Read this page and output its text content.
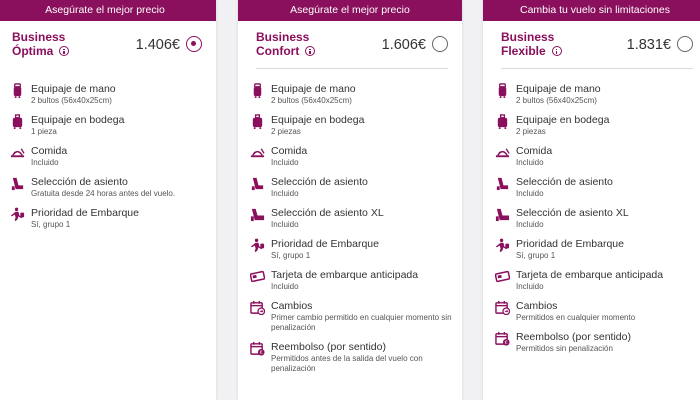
Asegúrate el mejor precio
Business
Óptima	1.406€
Equipaje de mano
2 bultos (56x40x25cm)
Equipaje en bodega
1 pieza
Comida
Incluido
Selección de asiento
Gratuita desde 24 horas antes del vuelo.
Prioridad de Embarque
Sí, grupo 1
Asegúrate el mejor precio
Business
Confort	1.606€
Equipaje de mano
2 bultos (56x40x25cm)
Equipaje en bodega
2 piezas
Comida
Incluido
Selección de asiento
Incluido
Selección de asiento XL
Incluido
Prioridad de Embarque
Sí, grupo 1
Tarjeta de embarque anticipada
Incluido
Cambios
Primer cambio permitido en cualquier momento sin penalización
€
Reembolso (por sentido)
Permitidos antes de la salida del vuelo con penalización
Cambia tu vuelo sin limitaciones
Business
Flexible	1.831€
Equipaje de mano
2 bultos (56x40x25cm)
Equipaje en bodega
2 piezas
Comida
Incluido
Selección de asiento
Incluido
Selección de asiento XL
Incluido
Prioridad de Embarque
Sí, grupo 1
Tarjeta de embarque anticipada
Incluido
Cambios
Permitidos en cualquier momento
€
Reembolso (por sentido)
Permitidos sin penalización
